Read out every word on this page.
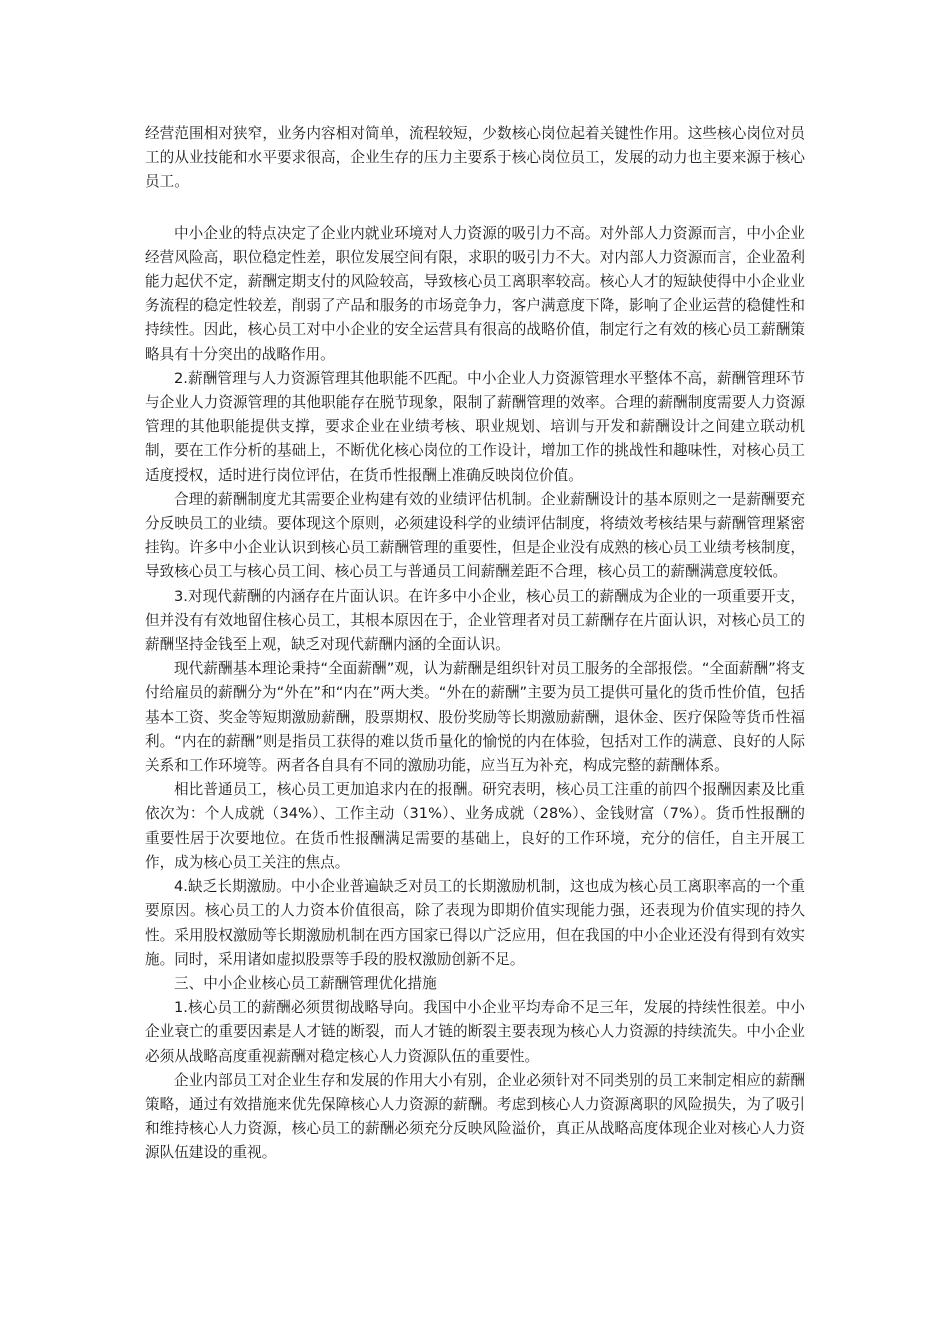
经营范围相对狭窄，业务内容相对简单，流程较短，少数核心岗位起着关键性作用。这些核心岗位对员工的从业技能和水平要求很高，企业生存的压力主要系于核心岗位员工，发展的动力也主要来源于核心员工。

中小企业的特点决定了企业内就业环境对人力资源的吸引力不高。对外部人力资源而言，中小企业经营风险高，职位稳定性差，职位发展空间有限，求职的吸引力不大。对内部人力资源而言，企业盈利能力起伏不定，薪酬定期支付的风险较高，导致核心员工离职率较高。核心人才的短缺使得中小企业业务流程的稳定性较差，削弱了产品和服务的市场竞争力，客户满意度下降，影响了企业运营的稳健性和持续性。因此，核心员工对中小企业的安全运营具有很高的战略价值，制定行之有效的核心员工薪酬策略具有十分突出的战略作用。

2.薪酬管理与人力资源管理其他职能不匹配。中小企业人力资源管理水平整体不高，薪酬管理环节与企业人力资源管理的其他职能存在脱节现象，限制了薪酬管理的效率。合理的薪酬制度需要人力资源管理的其他职能提供支撑，要求企业在业绩考核、职业规划、培训与开发和薪酬设计之间建立联动机制，要在工作分析的基础上，不断优化核心岗位的工作设计，增加工作的挑战性和趣味性，对核心员工适度授权，适时进行岗位评估，在货币性报酬上准确反映岗位价值。

合理的薪酬制度尤其需要企业构建有效的业绩评估机制。企业薪酬设计的基本原则之一是薪酬要充分反映员工的业绩。要体现这个原则，必须建设科学的业绩评估制度，将绩效考核结果与薪酬管理紧密挂钩。许多中小企业认识到核心员工薪酬管理的重要性，但是企业没有成熟的核心员工业绩考核制度，导致核心员工与核心员工间、核心员工与普通员工间薪酬差距不合理，核心员工的薪酬满意度较低。

3.对现代薪酬的内涵存在片面认识。在许多中小企业，核心员工的薪酬成为企业的一项重要开支，但并没有有效地留住核心员工，其根本原因在于，企业管理者对员工薪酬存在片面认识，对核心员工的薪酬坚持金钱至上观，缺乏对现代薪酬内涵的全面认识。

现代薪酬基本理论秉持“全面薪酬”观，认为薪酬是组织针对员工服务的全部报偿。“全面薪酬”将支付给雇员的薪酬分为“外在”和“内在”两大类。“外在的薪酬”主要为员工提供可量化的货币性价值，包括基本工资、奖金等短期激励薪酬，股票期权、股份奖励等长期激励薪酬，退休金、医疗保险等货币性福利。“内在的薪酬”则是指员工获得的难以货币量化的愉悦的内在体验，包括对工作的满意、良好的人际关系和工作环境等。两者各自具有不同的激励功能，应当互为补充，构成完整的薪酬体系。

相比普通员工，核心员工更加追求内在的报酬。研究表明，核心员工注重的前四个报酬因素及比重依次为：个人成就（34%）、工作主动（31%）、业务成就（28%）、金钱财富（7%）。货币性报酬的重要性居于次要地位。在货币性报酬满足需要的基础上，良好的工作环境，充分的信任，自主开展工作，成为核心员工关注的焦点。

4.缺乏长期激励。中小企业普遍缺乏对员工的长期激励机制，这也成为核心员工离职率高的一个重要原因。核心员工的人力资本价值很高，除了表现为即期价值实现能力强，还表现为价值实现的持久性。采用股权激励等长期激励机制在西方国家已得以广泛应用，但在我国的中小企业还没有得到有效实施。同时，采用诸如虚拟股票等手段的股权激励创新不足。

三、中小企业核心员工薪酬管理优化措施

1.核心员工的薪酬必须贯彻战略导向。我国中小企业平均寿命不足三年，发展的持续性很差。中小企业衰亡的重要因素是人才链的断裂，而人才链的断裂主要表现为核心人力资源的持续流失。中小企业必须从战略高度重视薪酬对稳定核心人力资源队伍的重要性。

企业内部员工对企业生存和发展的作用大小有别，企业必须针对不同类别的员工来制定相应的薪酬策略，通过有效措施来优先保障核心人力资源的薪酬。考虑到核心人力资源离职的风险损失，为了吸引和维持核心人力资源，核心员工的薪酬必须充分反映风险溢价，真正从战略高度体现企业对核心人力资源队伍建设的重视。
